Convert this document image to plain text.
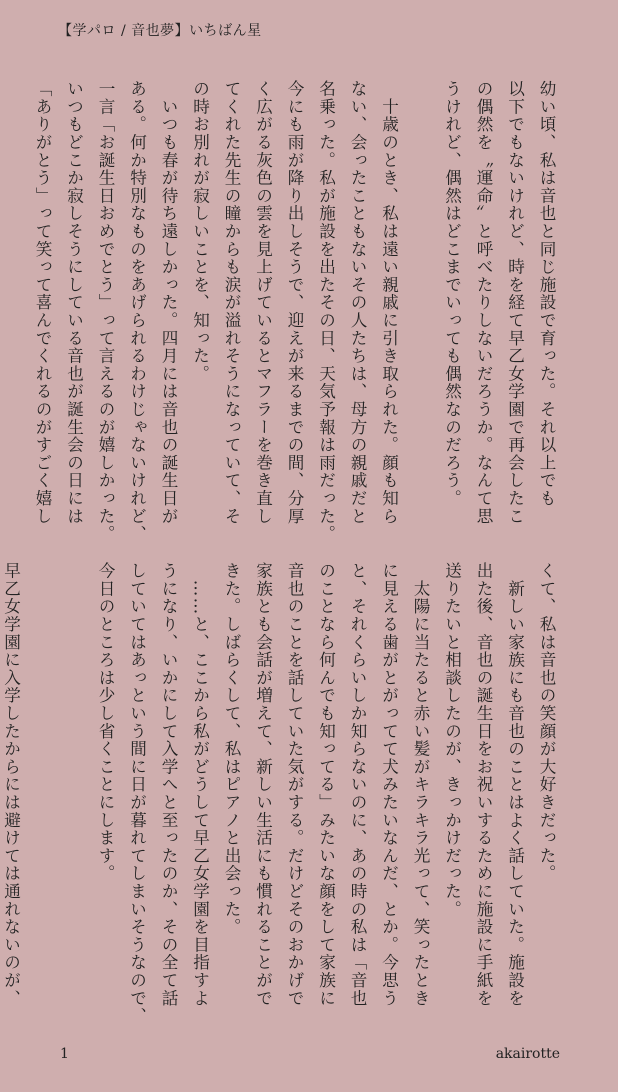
【学パロ / 音也夢】いちばん星
幼い頃、私は音也と同じ施設で育った。それ以上でも
以下でもないけれど、時を経て早乙女学園で再会したこ
の偶然を〝運命〟と呼べたりしないだろうか。なんて思
うけれど、偶然はどこまでいっても偶然なのだろう。

　十歳のとき、私は遠い親戚に引き取られた。顔も知ら
ない、会ったこともないその人たちは、母方の親戚だと
名乗った。私が施設を出たその日、天気予報は雨だった。
今にも雨が降り出しそうで、迎えが来るまでの間、分厚
く広がる灰色の雲を見上げているとマフラーを巻き直し
てくれた先生の瞳からも涙が溢れそうになっていて、そ
の時お別れが寂しいことを、知った。
　いつも春が待ち遠しかった。四月には音也の誕生日が
ある。何か特別なものをあげられるわけじゃないけれど、
一言「お誕生日おめでとう」って言えるのが嬉しかった。
いつもどこか寂しそうにしている音也が誕生会の日には
「ありがとう」って笑って喜んでくれるのがすごく嬉し
くて、私は音也の笑顔が大好きだった。
　新しい家族にも音也のことはよく話していた。施設を
出た後、音也の誕生日をお祝いするために施設に手紙を
送りたいと相談したのが、きっかけだった。
　太陽に当たると赤い髪がキラキラ光って、笑ったとき
に見える歯がとがってて犬みたいなんだ、とか。今思う
と、それくらいしか知らないのに、あの時の私は「音也
のことなら何んでも知ってる」みたいな顔をして家族に
音也のことを話していた気がする。だけどそのおかげで
家族とも会話が増えて、新しい生活にも慣れることがで
きた。しばらくして、私はピアノと出会った。
　……と、ここから私がどうして早乙女学園を目指すよ
うになり、いかにして入学へと至ったのか、その全て話
していてはあっという間に日が暮れてしまいそうなので、
今日のところは少し省くことにします。

早乙女学園に入学したからには避けては通れないのが、
1	akairotte
